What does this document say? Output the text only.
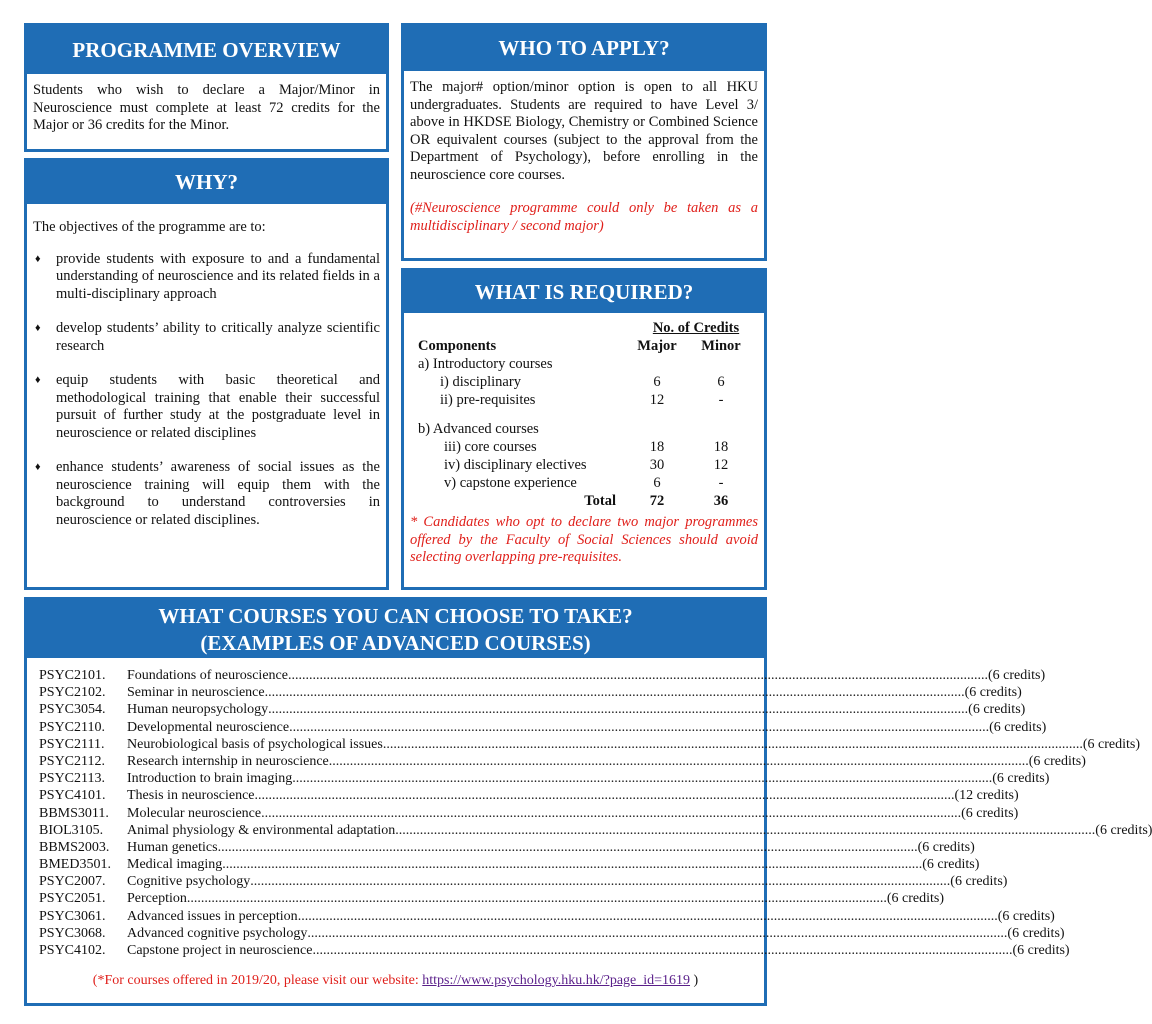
PROGRAMME OVERVIEW
Students who wish to declare a Major/Minor in Neuroscience must complete at least 72 credits for the Major or 36 credits for the Minor.
WHY?
The objectives of the programme are to:
♦ provide students with exposure to and a fundamental understanding of neuroscience and its related fields in a multi-disciplinary approach
♦ develop students’ ability to critically analyze scientific research
♦ equip students with basic theoretical and methodological training that enable their successful pursuit of further study at the postgraduate level in neuroscience or related disciplines
♦ enhance students’ awareness of social issues as the neuroscience training will equip them with the background to understand controversies in neuroscience or related disciplines.
WHO TO APPLY?
The major# option/minor option is open to all HKU undergraduates. Students are required to have Level 3/ above in HKDSE Biology, Chemistry or Combined Science OR equivalent courses (subject to the approval from the Department of Psychology), before enrolling in the neuroscience core courses.
(#Neuroscience programme could only be taken as a multidisciplinary / second major)
WHAT IS REQUIRED?
	No. of Credits	
Components	Major	Minor
a) Introductory courses		
i) disciplinary	6	6
ii) pre-requisites	12	-

b) Advanced courses		
iii) core courses	18	18
iv) disciplinary electives	30	12
v) capstone experience	6	-
Total	72	36
* Candidates who opt to declare two major programmes offered by the Faculty of Social Sciences should avoid selecting overlapping pre-requisites.
WHAT COURSES YOU CAN CHOOSE TO TAKE?
(EXAMPLES OF ADVANCED COURSES)
PSYC2101.	Foundations of neuroscience ........................................................................................................................................................................................................ (6 credits)
PSYC2102.	Seminar in neuroscience ........................................................................................................................................................................................................ (6 credits)
PSYC3054.	Human neuropsychology ........................................................................................................................................................................................................ (6 credits)
PSYC2110.	Developmental neuroscience ........................................................................................................................................................................................................ (6 credits)
PSYC2111.	Neurobiological basis of psychological issues ........................................................................................................................................................................................................ (6 credits)
PSYC2112.	Research internship in neuroscience ........................................................................................................................................................................................................ (6 credits)
PSYC2113.	Introduction to brain imaging ........................................................................................................................................................................................................ (6 credits)
PSYC4101.	Thesis in neuroscience ........................................................................................................................................................................................................ (12 credits)
BBMS3011.	Molecular neuroscience ........................................................................................................................................................................................................ (6 credits)
BIOL3105.	Animal physiology & environmental adaptation ........................................................................................................................................................................................................ (6 credits)
BBMS2003.	Human genetics ........................................................................................................................................................................................................ (6 credits)
BMED3501.	Medical imaging ........................................................................................................................................................................................................ (6 credits)
PSYC2007.	Cognitive psychology ........................................................................................................................................................................................................ (6 credits)
PSYC2051.	Perception ........................................................................................................................................................................................................ (6 credits)
PSYC3061.	Advanced issues in perception ........................................................................................................................................................................................................ (6 credits)
PSYC3068.	Advanced cognitive psychology ........................................................................................................................................................................................................ (6 credits)
PSYC4102.	Capstone project in neuroscience ........................................................................................................................................................................................................ (6 credits)
(*For courses offered in 2019/20, please visit our website: https://www.psychology.hku.hk/?page_id=1619 )
